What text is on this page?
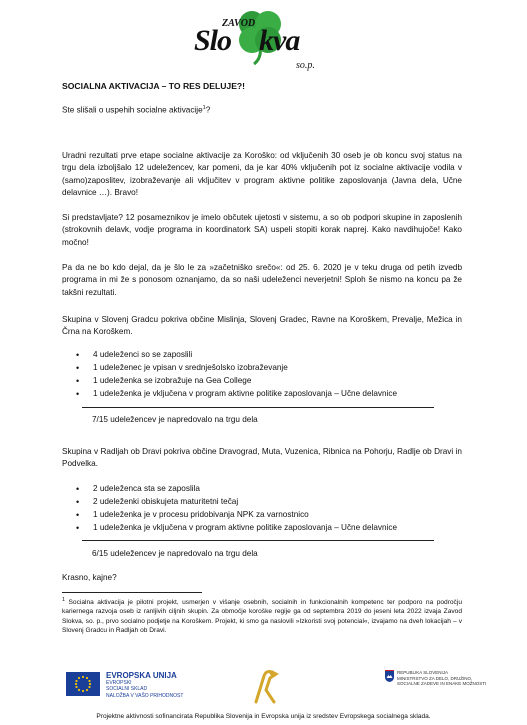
ZAVOD
Slo kva
so.p.
SOCIALNA AKTIVACIJA – TO RES DELUJE?!
Ste slišali o uspehih socialne aktivacije$^1$?

Uradni rezultati prve etape socialne aktivacije za Koroško: od vključenih 30 oseb je ob koncu svoj status na trgu dela izboljšalo 12 udeležencev, kar pomeni, da je kar 40% vključenih pot iz socialne aktivacije vodila v (samo)zaposlitev, izobraževanje ali vključitev v program aktivne politike zaposlovanja (Javna dela, Učne delavnice …). Bravo!

Si predstavljate? 12 posameznikov je imelo občutek ujetosti v sistemu, a so ob podpori skupine in zaposlenih (strokovnih delavk, vodje programa in koordinatork SA) uspeli stopiti korak naprej. Kako navdihujoče! Kako močno!

Pa da ne bo kdo dejal, da je šlo le za »začetniško srečo«: od 25. 6. 2020 je v teku druga od petih izvedb programa in mi že s ponosom oznanjamo, da so naši udeleženci neverjetni! Sploh še nismo na koncu pa že takšni rezultati.

Skupina v Slovenj Gradcu pokriva občine Mislinja, Slovenj Gradec, Ravne na Koroškem, Prevalje, Mežica in Črna na Koroškem.

• 4 udeleženci so se zaposlili
• 1 udeleženec je vpisan v srednješolsko izobraževanje
• 1 udeleženka se izobražuje na Gea College
• 1 udeleženka je vključena v program aktivne politike zaposlovanja – Učne delavnice
7/15 udeležencev je napredovalo na trgu dela

Skupina v Radljah ob Dravi pokriva občine Dravograd, Muta, Vuzenica, Ribnica na Pohorju, Radlje ob Dravi in Podvelka.

• 2 udeleženca sta se zaposlila
• 2 udeleženki obiskujeta maturitetni tečaj
• 1 udeleženka je v procesu pridobivanja NPK za varnostnico
• 1 udeleženka je vključena v program aktivne politike zaposlovanja – Učne delavnice
6/15 udeležencev je napredovalo na trgu dela
Krasno, kajne?

$^1$ Socialna aktivacija je pilotni projekt, usmerjen v višanje osebnih, socialnih in funkcionalnih kompetenc ter podporo na področju kariernega razvoja oseb iz ranljivih ciljnih skupin. Za območje koroške regije ga od septembra 2019 do jeseni leta 2022 izvaja Zavod Slokva, so. p., prvo socialno podjetje na Koroškem. Projekt, ki smo ga naslovili »Izkoristi svoj potencial«, izvajamo na dveh lokacijah – v Slovenj Gradcu in Radljah ob Dravi.

EVROPSKA UNIJA
EVROPSKI
SOCIALNI SKLAD
NALOŽBA V VAŠO PRIHODNOST
REPUBLIKA SLOVENIJA
MINISTRSTVO ZA DELO, DRUŽINO,
SOCIALNE ZADEVE IN ENAKE MOŽNOSTI
Projektne aktivnosti sofinancirata Republika Slovenija in Evropska unija iz sredstev Evropskega socialnega sklada.
